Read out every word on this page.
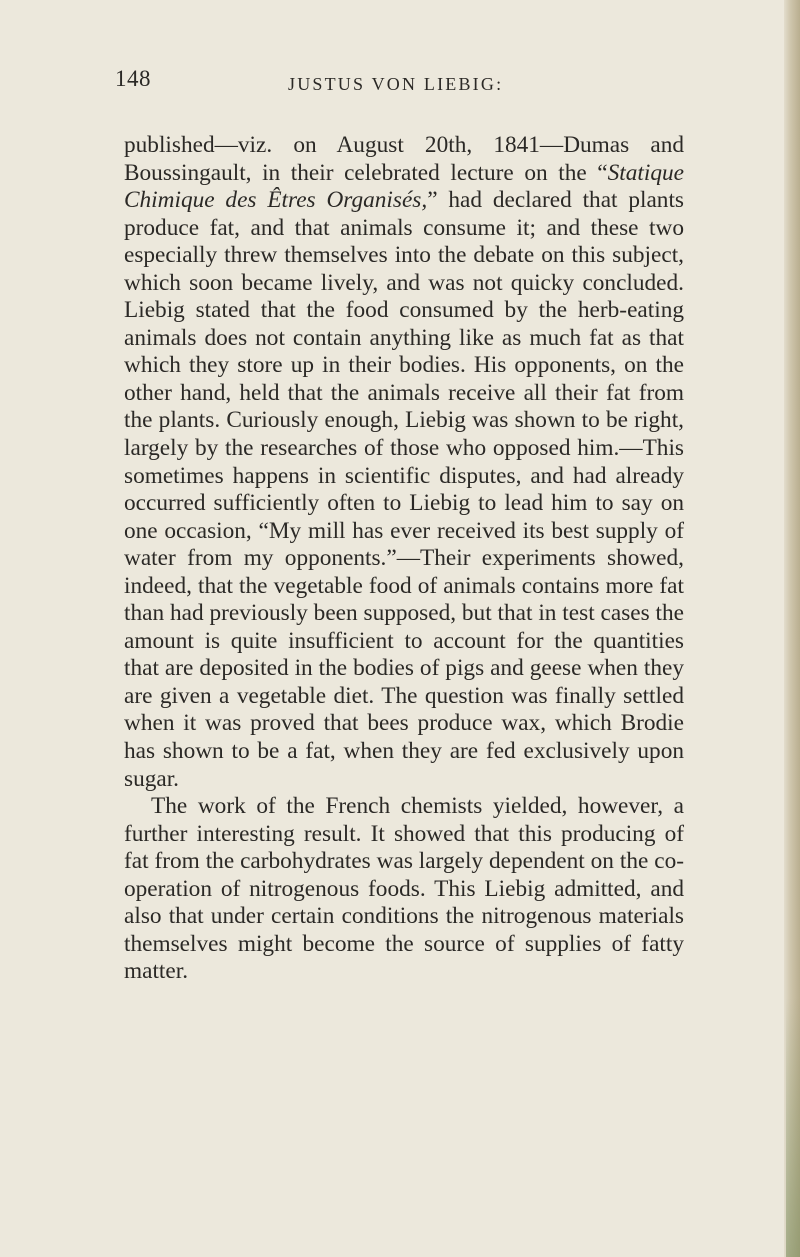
148	JUSTUS VON LIEBIG:

published—viz. on August 20th, 1841—Dumas and Boussingault, in their celebrated lecture on the “Statique Chimique des Êtres Organisés,” had declared that plants produce fat, and that animals consume it; and these two especially threw themselves into the debate on this subject, which soon became lively, and was not quicky concluded. Liebig stated that the food consumed by the herb-eating animals does not contain anything like as much fat as that which they store up in their bodies. His opponents, on the other hand, held that the animals receive all their fat from the plants. Curiously enough, Liebig was shown to be right, largely by the researches of those who opposed him.—This sometimes happens in scientific disputes, and had already occurred sufficiently often to Liebig to lead him to say on one occasion, “My mill has ever received its best supply of water from my opponents.”—Their experiments showed, indeed, that the vegetable food of animals contains more fat than had previously been supposed, but that in test cases the amount is quite insufficient to account for the quantities that are deposited in the bodies of pigs and geese when they are given a vegetable diet. The question was finally settled when it was proved that bees produce wax, which Brodie has shown to be a fat, when they are fed exclusively upon sugar.

The work of the French chemists yielded, however, a further interesting result. It showed that this producing of fat from the carbohydrates was largely dependent on the co-operation of nitrogenous foods. This Liebig admitted, and also that under certain conditions the nitrogenous materials themselves might become the source of supplies of fatty matter.
